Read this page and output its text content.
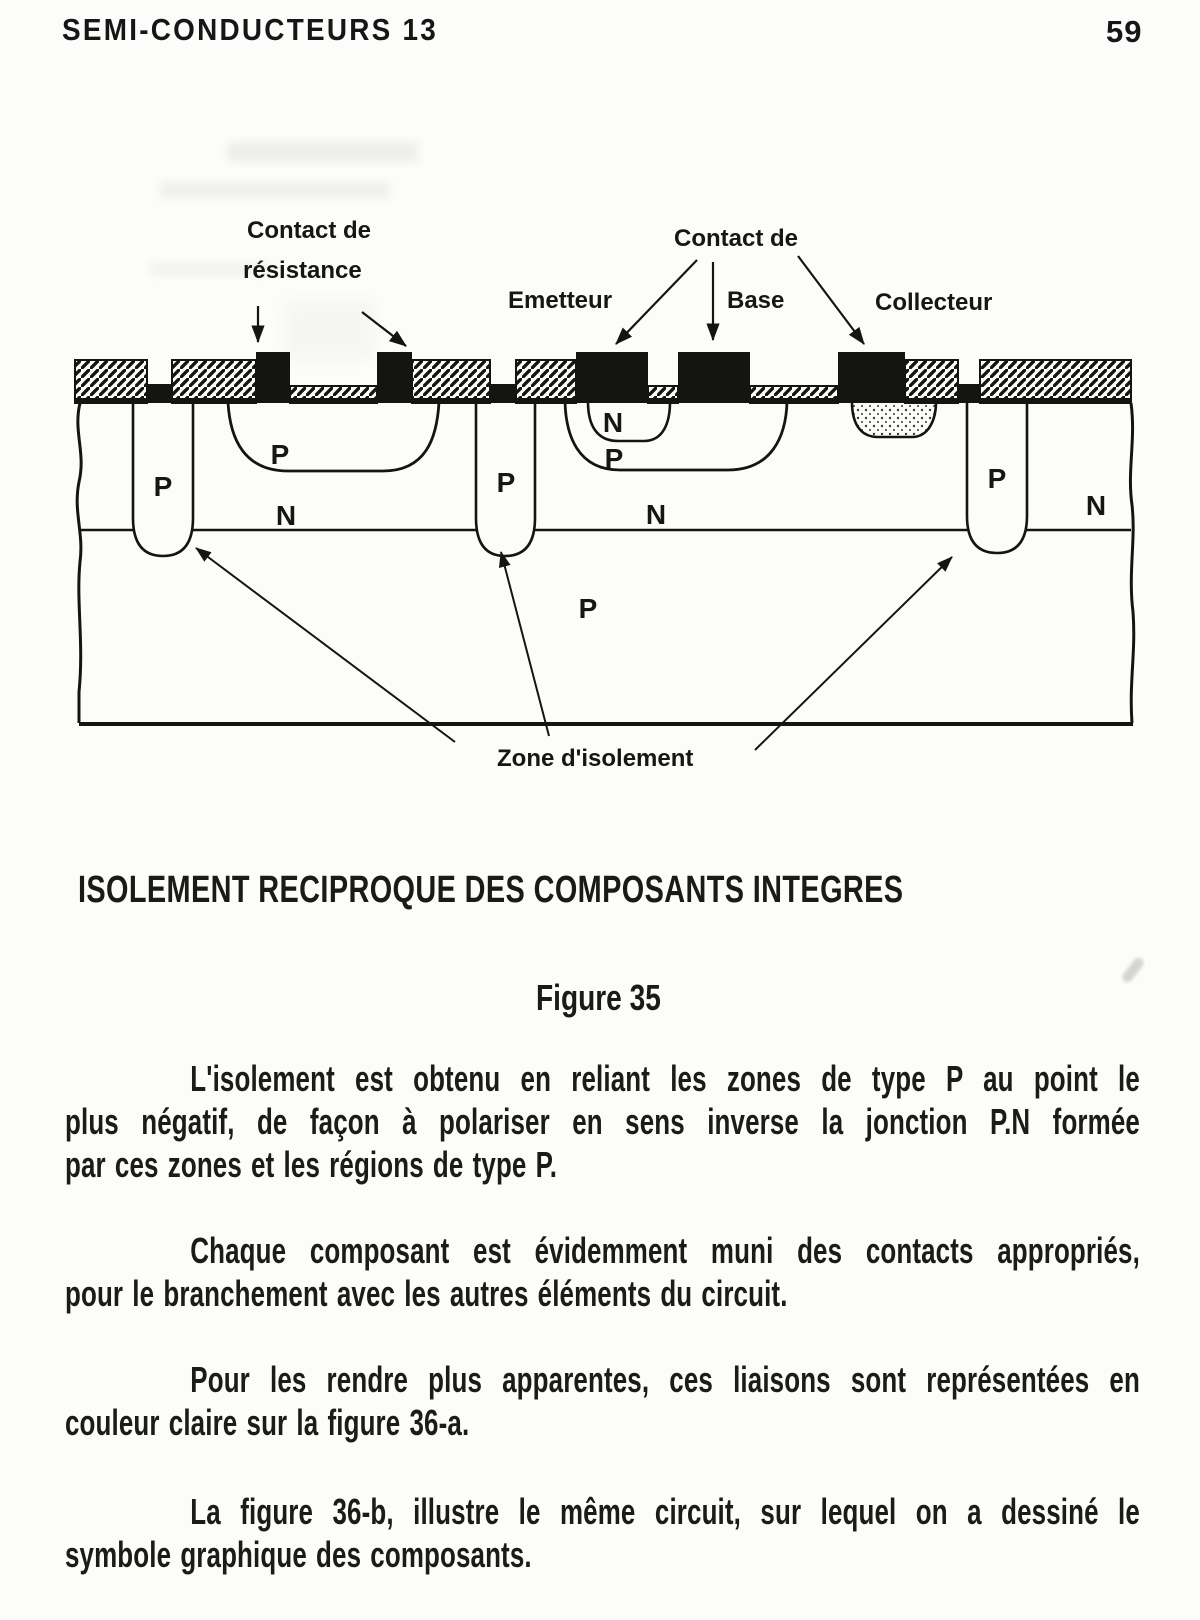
SEMI-CONDUCTEURS 13	59
P	P	P
P	P
N
N	N	N
P
Contact de
résistance
Contact de
Emetteur	Base	Collecteur
Zone d'isolement
ISOLEMENT RECIPROQUE DES COMPOSANTS INTEGRES
Figure 35
L'isolement est obtenu en reliant les zones de type P au point le
plus négatif, de façon à polariser en sens inverse la jonction P.N formée
par ces zones et les régions de type P.
Chaque composant est évidemment muni des contacts appropriés,
pour le branchement avec les autres éléments du circuit.
Pour les rendre plus apparentes, ces liaisons sont représentées en
couleur claire sur la figure 36-a.
La figure 36-b, illustre le même circuit, sur lequel on a dessiné le
symbole graphique des composants.
